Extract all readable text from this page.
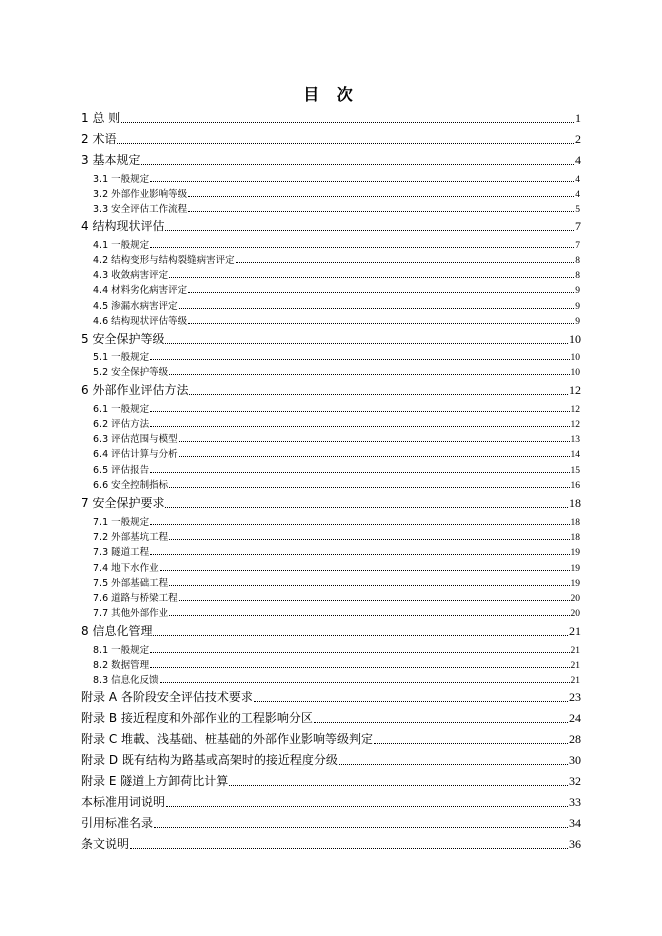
目 次
1 总 则	1
2 术语	2
3 基本规定	4
3.1 一般规定	4
3.2 外部作业影响等级	4
3.3 安全评估工作流程	5
4 结构现状评估	7
4.1 一般规定	7
4.2 结构变形与结构裂缝病害评定	8
4.3 收敛病害评定	8
4.4 材料劣化病害评定	9
4.5 渗漏水病害评定	9
4.6 结构现状评估等级	9
5 安全保护等级	10
5.1 一般规定	10
5.2 安全保护等级	10
6 外部作业评估方法	12
6.1 一般规定	12
6.2 评估方法	12
6.3 评估范围与模型	13
6.4 评估计算与分析	14
6.5 评估报告	15
6.6 安全控制指标	16
7 安全保护要求	18
7.1 一般规定	18
7.2 外部基坑工程	18
7.3 隧道工程	19
7.4 地下水作业	19
7.5 外部基础工程	19
7.6 道路与桥梁工程	20
7.7 其他外部作业	20
8 信息化管理	21
8.1 一般规定	21
8.2 数据管理	21
8.3 信息化反馈	21
附录 A 各阶段安全评估技术要求	23
附录 B 接近程度和外部作业的工程影响分区	24
附录 C 堆載、浅基础、桩基础的外部作业影响等级判定	28
附录 D 既有结构为路基或高架时的接近程度分级	30
附录 E 隧道上方卸荷比计算	32
本标准用词说明	33
引用标准名录	34
条文说明	36
